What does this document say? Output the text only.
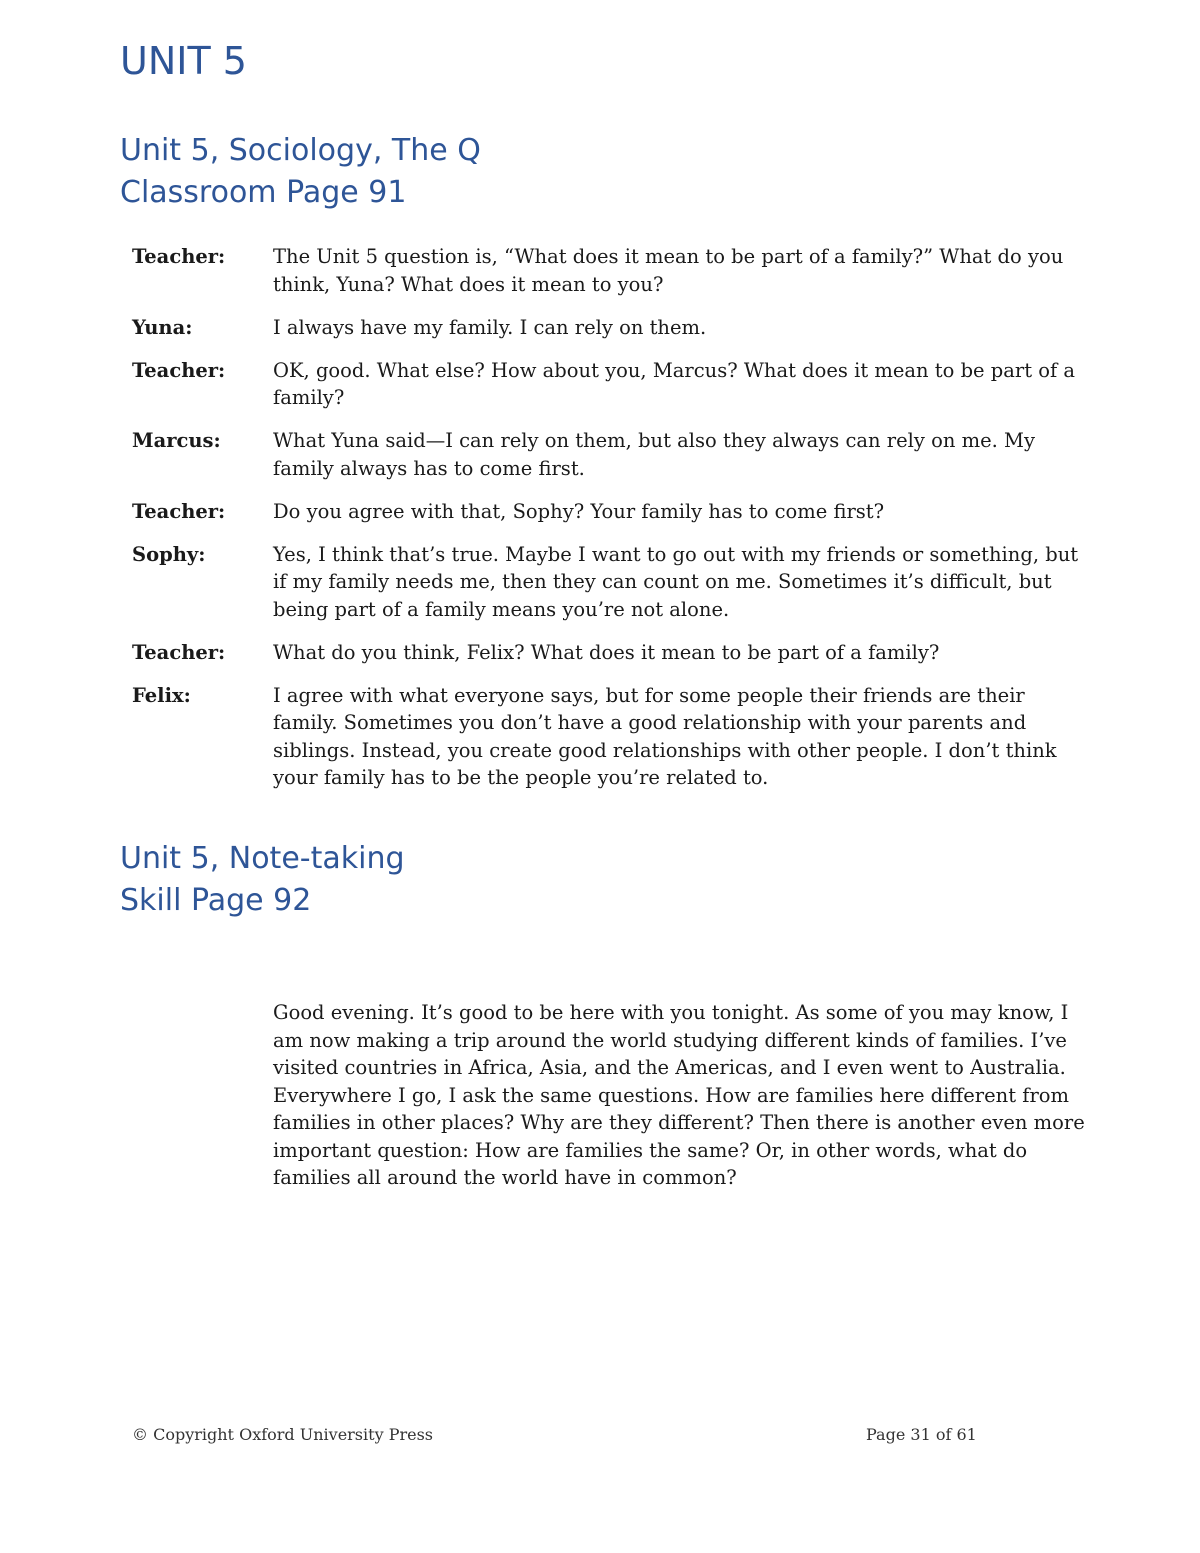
UNIT 5
Unit 5, Sociology, The Q Classroom Page 91
Teacher:	The Unit 5 question is, “What does it mean to be part of a family?” What do you think, Yuna? What does it mean to you?
Yuna:	I always have my family. I can rely on them.
Teacher:	OK, good. What else? How about you, Marcus? What does it mean to be part of a family?
Marcus:	What Yuna said—I can rely on them, but also they always can rely on me. My family always has to come first.
Teacher:	Do you agree with that, Sophy? Your family has to come first?
Sophy:	Yes, I think that’s true. Maybe I want to go out with my friends or something, but if my family needs me, then they can count on me. Sometimes it’s difficult, but being part of a family means you’re not alone.
Teacher:	What do you think, Felix? What does it mean to be part of a family?
Felix:	I agree with what everyone says, but for some people their friends are their family. Sometimes you don’t have a good relationship with your parents and siblings. Instead, you create good relationships with other people. I don’t think your family has to be the people you’re related to.
Unit 5, Note-taking Skill Page 92

Good evening. It’s good to be here with you tonight. As some of you may know, I am now making a trip around the world studying different kinds of families. I’ve visited countries in Africa, Asia, and the Americas, and I even went to Australia. Everywhere I go, I ask the same questions. How are families here different from families in other places? Why are they different? Then there is another even more important question: How are families the same? Or, in other words, what do families all around the world have in common?

© Copyright Oxford University Press	Page 31 of 61
